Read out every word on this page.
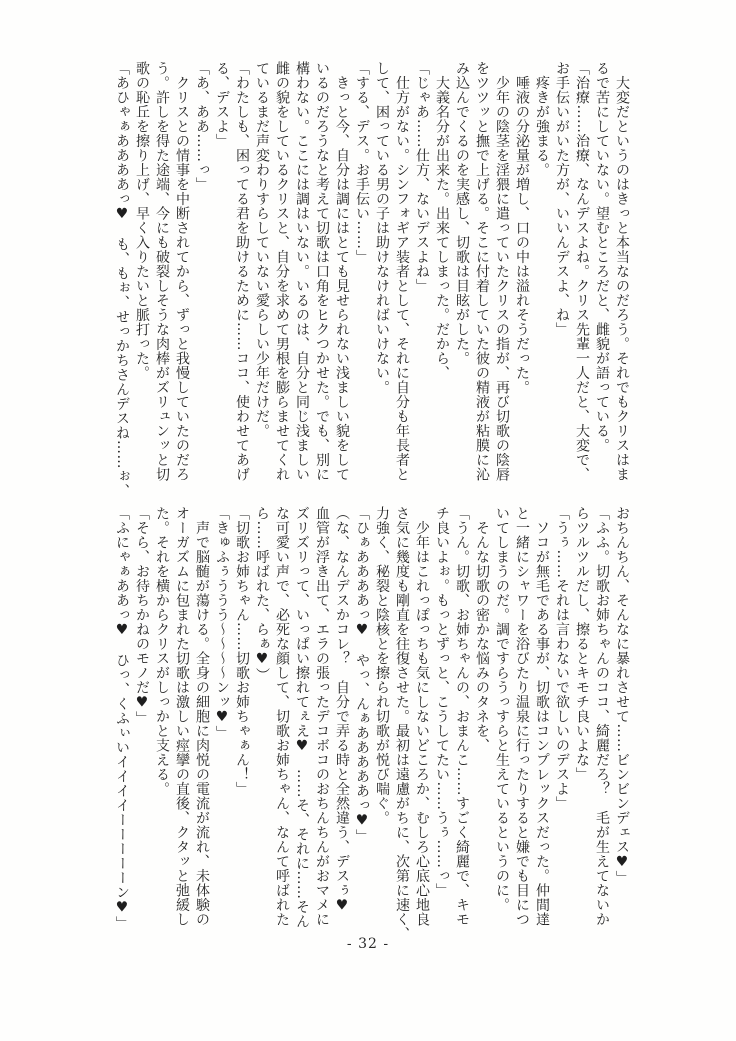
　大変だというのはきっと本当なのだろう。それでもクリスはま
るで苦にしていない。望むところだと、雌貌が語っている。
「治療……治療、なんデスよね。クリス先輩一人だと、大変で、
お手伝いがいた方が、いいんデスよ、ね」
　疼きが強まる。
　唾液の分泌量が増し、口の中は溢れそうだった。
　少年の陰茎を淫猥に遣っていたクリスの指が、再び切歌の陰唇
をツツッと撫で上げる。そこに付着していた彼の精液が粘膜に沁
み込んでくるのを実感し、切歌は目眩がした。
　大義名分が出来た。出来てしまった。だから、
「じゃあ……仕方、ないデスよね」
　仕方がない。シンフォギア装者として、それに自分も年長者と
して、困っている男の子は助けなければいけない。
「する、デス。お手伝い……」
　きっと今、自分は調にはとても見せられない浅ましい貌をして
いるのだろうなと考えて切歌は口角をヒクつかせた。でも、別に
構わない。ここには調はいない。いるのは、自分と同じ浅ましい
雌の貌をしているクリスと、自分を求めて男根を膨らませてくれ
ているまだ声変わりすらしていない愛らしい少年だけだ。
「わたしも、困ってる君を助けるために……ココ、使わせてあげ
る、デスよ」
「あ、ああ……っ」
　クリスとの情事を中断されてから、ずっと我慢していたのだろ
う。許しを得た途端、今にも破裂しそうな肉棒がズリュンッと切
歌の恥丘を擦り上げ、早く入りたいと脈打った。
「あひゃぁああああっ♥　も、もぉ、せっかちさんデスね……ぉ、
おちんちん、そんなに暴れさせて……ビンビンデェス♥」
「ふふ。切歌お姉ちゃんのココ、綺麗だろ？　毛が生えてないか
らツルツルだし、擦るとキモチ良いよな」
「うぅ……それは言わないで欲しいのデスよ」
　ソコが無毛である事が、切歌はコンプレックスだった。仲間達
と一緒にシャワーを浴びたり温泉に行ったりすると嫌でも目につ
いてしまうのだ。調ですらうっすらと生えているというのに。
　そんな切歌の密かな悩みのタネを、
「うん。切歌、お姉ちゃんの、おまんこ……すごく綺麗で、キモ
チ良いよぉ。もっとずっと、こうしてたい……うぅ……っ」
　少年はこれっぽっちも気にしないどころか、むしろ心底心地良
さ気に幾度も剛直を往復させた。最初は遠慮がちに、次第に速く、
力強く、秘裂と陰核とを擦られ切歌が悦び喘ぐ。
「ひぁああああっ♥　やっ、んぁあああああっ♥」
（な、なんデスかコレ？　自分で弄る時と全然違う、デスぅ♥
血管が浮き出て、エラの張ったデコボコのおちんちんがおマメに
ズリズリって、いっぱい擦れてぇえ♥　……そ、それに……そん
な可愛い声で、必死な顔して、切歌お姉ちゃん、なんて呼ばれた
ら……呼ばれた、らぁ♥）
「切歌お姉ちゃん……切歌お姉ちゃぁん！」
「きゅふぅううう～～～～ンッ♥」
　声で脳髄が蕩ける。全身の細胞に肉悦の電流が流れ、未体験の
オーガズムに包まれた切歌は激しい痙攣の直後、クタッと弛緩し
た。それを横からクリスがしっかと支える。
「そら、お待ちかねのモノだ♥」
「ふにゃぁああっ♥　ひっ、くふぃいイイイイーーーーーン♥」
- 32 -
